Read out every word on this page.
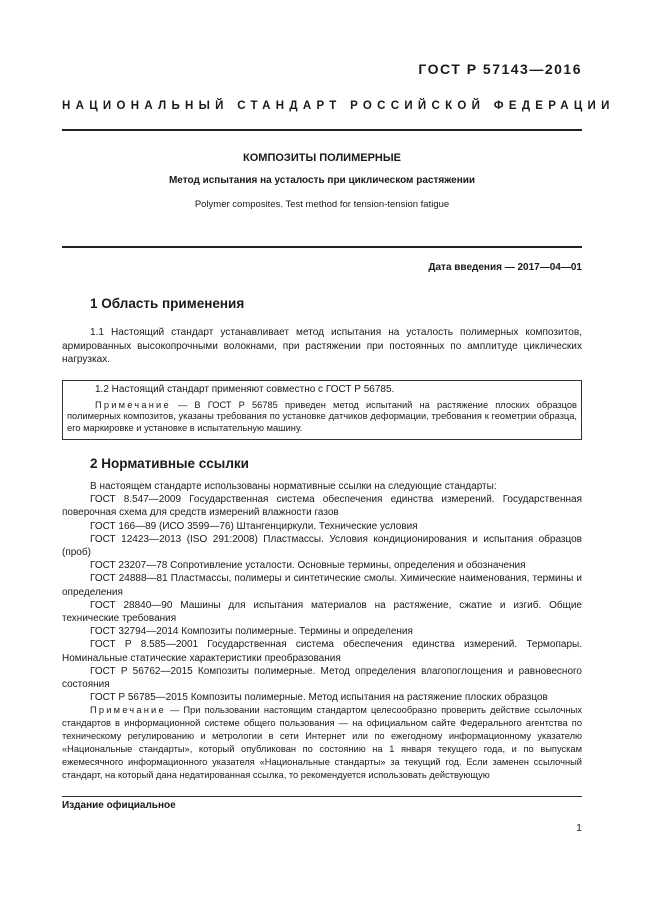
ГОСТ Р 57143—2016
НАЦИОНАЛЬНЫЙ СТАНДАРТ РОССИЙСКОЙ ФЕДЕРАЦИИ
КОМПОЗИТЫ ПОЛИМЕРНЫЕ
Метод испытания на усталость при циклическом растяжении
Polymer composites. Test method for tension-tension fatigue
Дата введения — 2017—04—01
1 Область применения

1.1 Настоящий стандарт устанавливает метод испытания на усталость полимерных композитов, армированных высокопрочными волокнами, при растяжении при постоянных по амплитуде циклических нагрузках.

1.2 Настоящий стандарт применяют совместно с ГОСТ Р 56785.

Примечание — В ГОСТ Р 56785 приведен метод испытаний на растяжение плоских образцов полимерных композитов, указаны требования по установке датчиков деформации, требования к геометрии образца, его маркировке и установке в испытательную машину.

2 Нормативные ссылки

В настоящем стандарте использованы нормативные ссылки на следующие стандарты:

ГОСТ 8.547—2009 Государственная система обеспечения единства измерений. Государственная поверочная схема для средств измерений влажности газов

ГОСТ 166—89 (ИСО 3599—76) Штангенциркули. Технические условия

ГОСТ 12423—2013 (ISO 291:2008) Пластмассы. Условия кондиционирования и испытания образцов (проб)

ГОСТ 23207—78 Сопротивление усталости. Основные термины, определения и обозначения

ГОСТ 24888—81 Пластмассы, полимеры и синтетические смолы. Химические наименования, термины и определения

ГОСТ 28840—90 Машины для испытания материалов на растяжение, сжатие и изгиб. Общие технические требования

ГОСТ 32794—2014 Композиты полимерные. Термины и определения

ГОСТ Р 8.585—2001 Государственная система обеспечения единства измерений. Термопары. Номинальные статические характеристики преобразования

ГОСТ Р 56762—2015 Композиты полимерные. Метод определения влагопоглощения и равновесного состояния

ГОСТ Р 56785—2015 Композиты полимерные. Метод испытания на растяжение плоских образцов

Примечание — При пользовании настоящим стандартом целесообразно проверить действие ссылочных стандартов в информационной системе общего пользования — на официальном сайте Федерального агентства по техническому регулированию и метрологии в сети Интернет или по ежегодному информационному указателю «Национальные стандарты», который опубликован по состоянию на 1 января текущего года, и по выпускам ежемесячного информационного указателя «Национальные стандарты» за текущий год. Если заменен ссылочный стандарт, на который дана недатированная ссылка, то рекомендуется использовать действующую

Издание официальное
1
